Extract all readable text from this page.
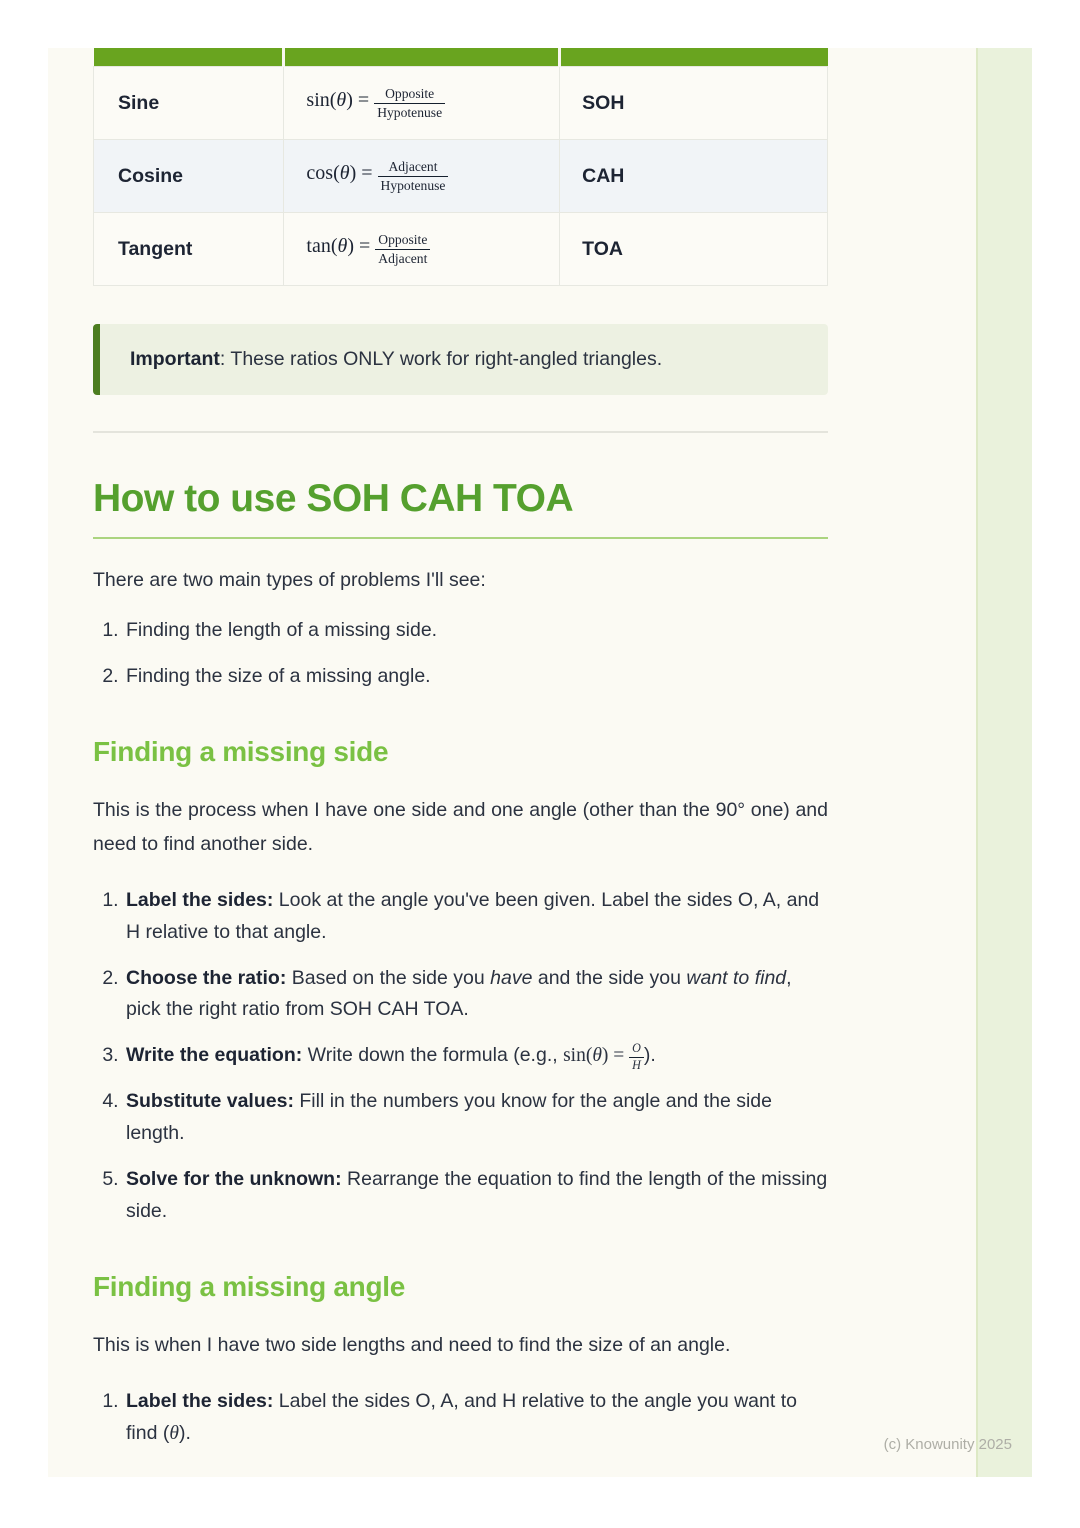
Sine	$\sin(\theta) = \frac{\text{Opposite}}{\text{Hypotenuse}}$	SOH
Cosine	$\cos(\theta) = \frac{\text{Adjacent}}{\text{Hypotenuse}}$	CAH
Tangent	$\tan(\theta) = \frac{\text{Opposite}}{\text{Adjacent}}$	TOA
Important: These ratios ONLY work for right-angled triangles.
How to use SOH CAH TOA

There are two main types of problems I'll see:

1. Finding the length of a missing side.
2. Finding the size of a missing angle.
Finding a missing side

This is the process when I have one side and one angle (other than the 90° one) and need to find another side.

1. Label the sides: Look at the angle you've been given. Label the sides O, A, and H relative to that angle.
2. Choose the ratio: Based on the side you have and the side you want to find, pick the right ratio from SOH CAH TOA.
3. Write the equation: Write down the formula (e.g., $\sin(\theta) = \frac{O}{H}$ ).
4. Substitute values: Fill in the numbers you know for the angle and the side length.
5. Solve for the unknown: Rearrange the equation to find the length of the missing side.
Finding a missing angle

This is when I have two side lengths and need to find the size of an angle.

1. Label the sides: Label the sides O, A, and H relative to the angle you want to find (θ).
(c) Knowunity 2025
